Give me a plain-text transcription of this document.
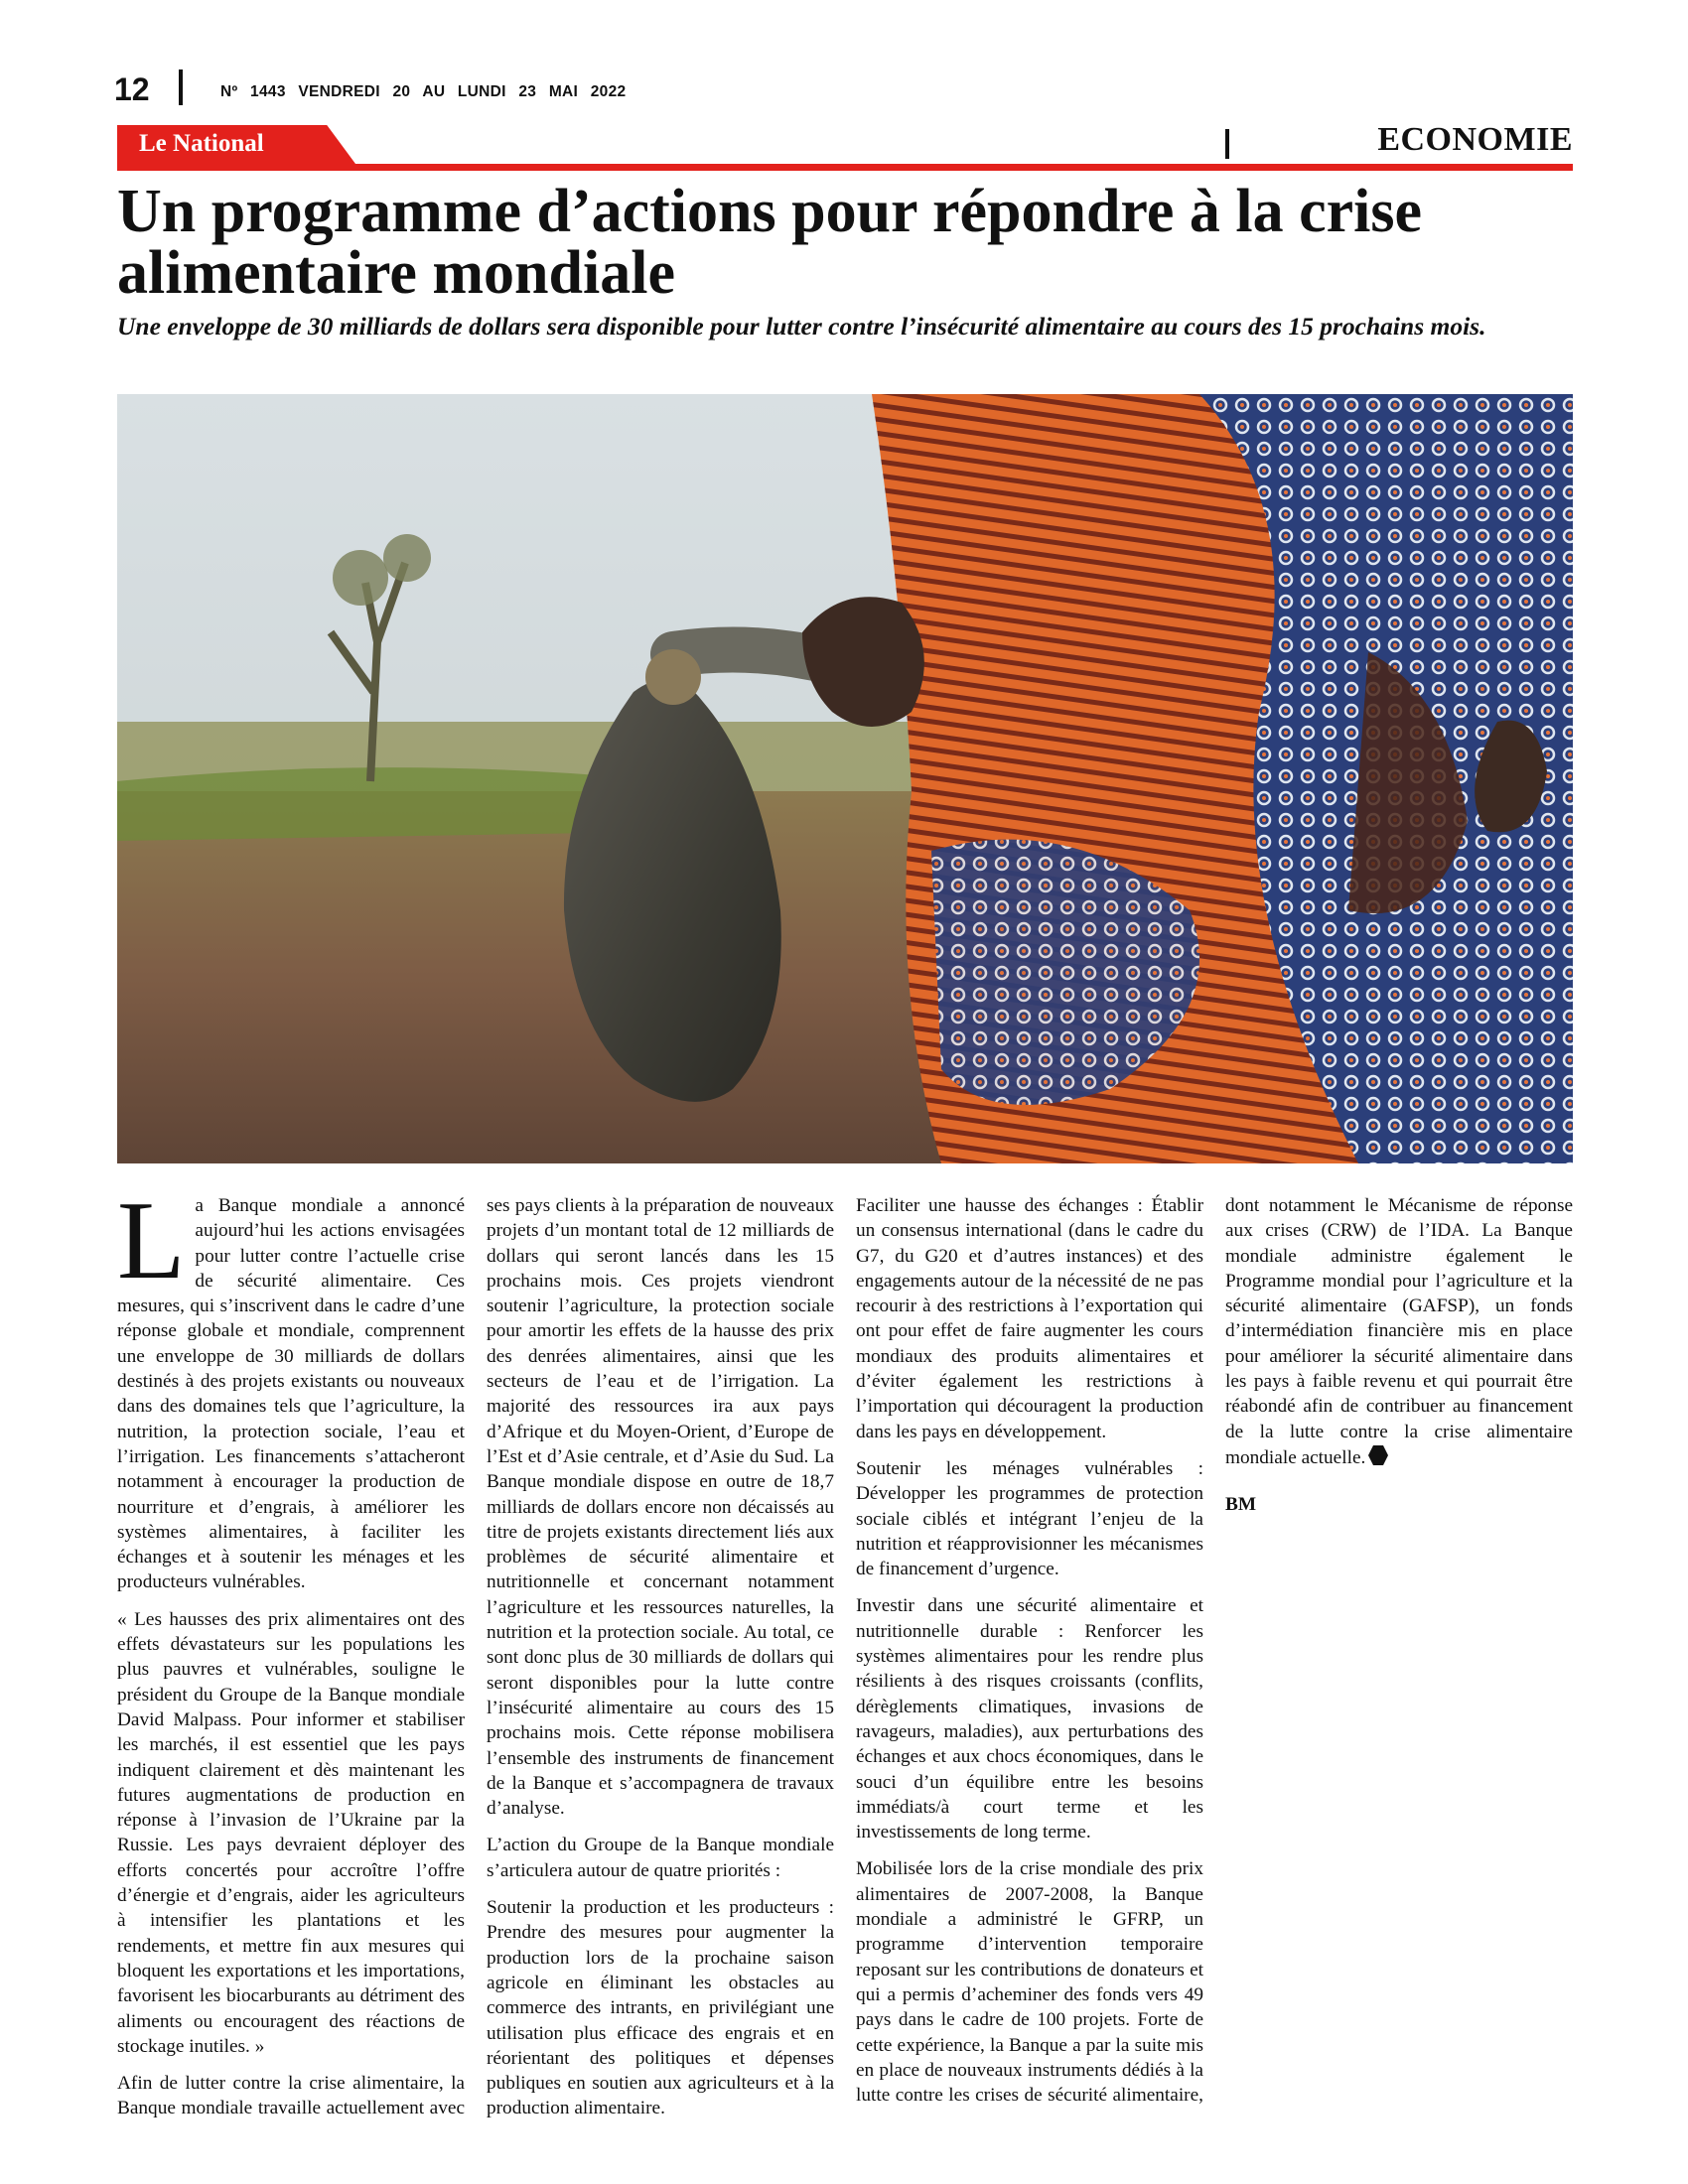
12	Nº 1443 VENDREDI 20 AU LUNDI 23 MAI 2022
Le National	ECONOMIE
Un programme d’actions pour répondre à la crise alimentaire mondiale

Une enveloppe de 30 milliards de dollars sera disponible pour lutter contre l’insécurité alimentaire au cours des 15 prochains mois.

La Banque mondiale a annoncé aujourd’hui les actions envisagées pour lutter contre l’actuelle crise de sécurité alimentaire. Ces mesures, qui s’inscrivent dans le cadre d’une réponse globale et mondiale, comprennent une enveloppe de 30 milliards de dollars destinés à des projets existants ou nouveaux dans des domaines tels que l’agriculture, la nutrition, la protection sociale, l’eau et l’irrigation. Les financements s’attacheront notamment à encourager la production de nourriture et d’engrais, à améliorer les systèmes alimentaires, à faciliter les échanges et à soutenir les ménages et les producteurs vulnérables.

« Les hausses des prix alimentaires ont des effets dévastateurs sur les populations les plus pauvres et vulnérables, souligne le président du Groupe de la Banque mondiale David Malpass. Pour informer et stabiliser les marchés, il est essentiel que les pays indiquent clairement et dès maintenant les futures augmentations de production en réponse à l’invasion de l’Ukraine par la Russie. Les pays devraient déployer des efforts concertés pour accroître l’offre d’énergie et d’engrais, aider les agriculteurs à intensifier les plantations et les rendements, et mettre fin aux mesures qui bloquent les exportations et les importations, favorisent les biocarburants au détriment des aliments ou encouragent des réactions de stockage inutiles. »

Afin de lutter contre la crise alimentaire, la Banque mondiale travaille actuellement avec ses pays clients à la préparation de nouveaux projets d’un montant total de 12 milliards de dollars qui seront lancés dans les 15 prochains mois. Ces projets viendront soutenir l’agriculture, la protection sociale pour amortir les effets de la hausse des prix des denrées alimentaires, ainsi que les secteurs de l’eau et de l’irrigation. La majorité des ressources ira aux pays d’Afrique et du Moyen-Orient, d’Europe de l’Est et d’Asie centrale, et d’Asie du Sud. La Banque mondiale dispose en outre de 18,7 milliards de dollars encore non décaissés au titre de projets existants directement liés aux problèmes de sécurité alimentaire et nutritionnelle et concernant notamment l’agriculture et les ressources naturelles, la nutrition et la protection sociale. Au total, ce sont donc plus de 30 milliards de dollars qui seront disponibles pour la lutte contre l’insécurité alimentaire au cours des 15 prochains mois. Cette réponse mobilisera l’ensemble des instruments de financement de la Banque et s’accompagnera de travaux d’analyse.

L’action du Groupe de la Banque mondiale s’articulera autour de quatre priorités :

Soutenir la production et les producteurs : Prendre des mesures pour augmenter la production lors de la prochaine saison agricole en éliminant les obstacles au commerce des intrants, en privilégiant une utilisation plus efficace des engrais et en réorientant des politiques et dépenses publiques en soutien aux agriculteurs et à la production alimentaire.

Faciliter une hausse des échanges : Établir un consensus international (dans le cadre du G7, du G20 et d’autres instances) et des engagements autour de la nécessité de ne pas recourir à des restrictions à l’exportation qui ont pour effet de faire augmenter les cours mondiaux des produits alimentaires et d’éviter également les restrictions à l’importation qui découragent la production dans les pays en développement.

Soutenir les ménages vulnérables : Développer les programmes de protection sociale ciblés et intégrant l’enjeu de la nutrition et réapprovisionner les mécanismes de financement d’urgence.

Investir dans une sécurité alimentaire et nutritionnelle durable : Renforcer les systèmes alimentaires pour les rendre plus résilients à des risques croissants (conflits, dérèglements climatiques, invasions de ravageurs, maladies), aux perturbations des échanges et aux chocs économiques, dans le souci d’un équilibre entre les besoins immédiats/à court terme et les investissements de long terme.

Mobilisée lors de la crise mondiale des prix alimentaires de 2007-2008, la Banque mondiale a administré le GFRP, un programme d’intervention temporaire reposant sur les contributions de donateurs et qui a permis d’acheminer des fonds vers 49 pays dans le cadre de 100 projets. Forte de cette expérience, la Banque a par la suite mis en place de nouveaux instruments dédiés à la lutte contre les crises de sécurité alimentaire, dont notamment le Mécanisme de réponse aux crises (CRW) de l’IDA. La Banque mondiale administre également le Programme mondial pour l’agriculture et la sécurité alimentaire (GAFSP), un fonds d’intermédiation financière mis en place pour améliorer la sécurité alimentaire dans les pays à faible revenu et qui pourrait être réabondé afin de contribuer au financement de la lutte contre la crise alimentaire mondiale actuelle.

BM
